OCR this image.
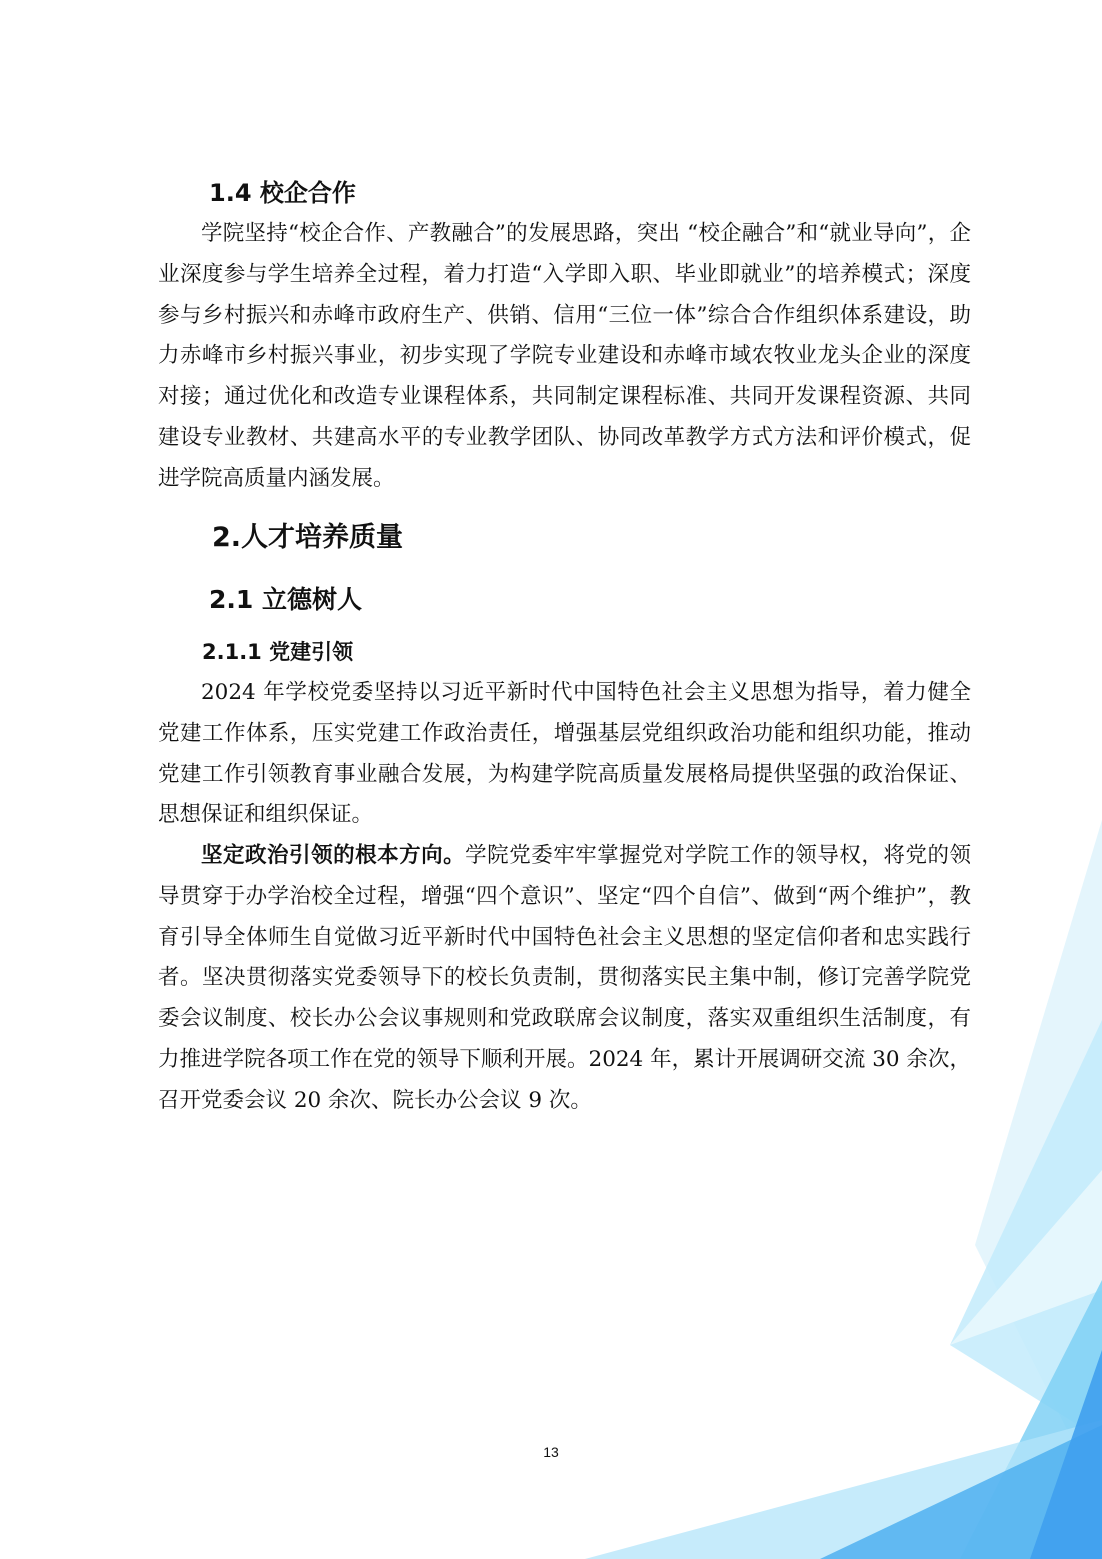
1.4 校企合作

学院坚持“校企合作、产教融合”的发展思路，突出 “校企融合”和“就业导向”，企业深度参与学生培养全过程，着力打造“入学即入职、毕业即就业”的培养模式；深度参与乡村振兴和赤峰市政府生产、供销、信用“三位一体”综合合作组织体系建设，助力赤峰市乡村振兴事业，初步实现了学院专业建设和赤峰市域农牧业龙头企业的深度对接；通过优化和改造专业课程体系，共同制定课程标准、共同开发课程资源、共同建设专业教材、共建高水平的专业教学团队、协同改革教学方式方法和评价模式，促进学院高质量内涵发展。

2.人才培养质量
2.1 立德树人
2.1.1 党建引领

2024 年学校党委坚持以习近平新时代中国特色社会主义思想为指导，着力健全党建工作体系，压实党建工作政治责任，增强基层党组织政治功能和组织功能，推动党建工作引领教育事业融合发展，为构建学院高质量发展格局提供坚强的政治保证、思想保证和组织保证。

坚定政治引领的根本方向。学院党委牢牢掌握党对学院工作的领导权，将党的领导贯穿于办学治校全过程，增强“四个意识”、坚定“四个自信”、做到“两个维护”，教育引导全体师生自觉做习近平新时代中国特色社会主义思想的坚定信仰者和忠实践行者。坚决贯彻落实党委领导下的校长负责制，贯彻落实民主集中制，修订完善学院党委会议制度、校长办公会议事规则和党政联席会议制度，落实双重组织生活制度，有力推进学院各项工作在党的领导下顺利开展。2024 年，累计开展调研交流 30 余次，召开党委会议 20 余次、院长办公会议 9 次。

13
